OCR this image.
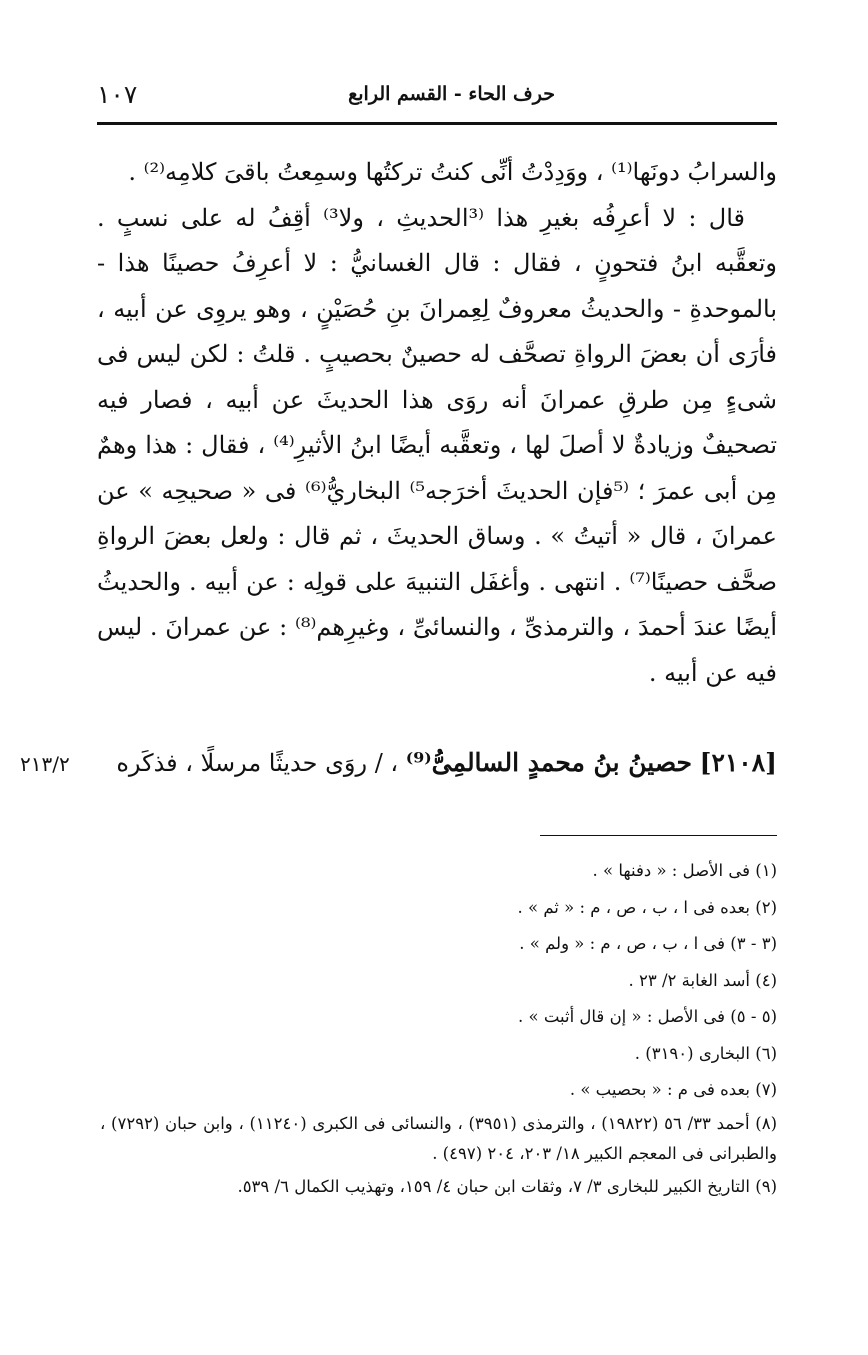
١٠٧	حرف الحاء - القسم الرابع

والسرابُ دونَها⁽¹⁾ ، ووَدِدْتُ أنِّى كنتُ تركتُها وسمِعتُ باقىَ كلامِه⁽²⁾ .

قال : لا أعرِفُه بغيرِ هذا ⁽³الحديثِ ، ولا³⁾ أقِفُ له على نسبٍ . وتعقَّبه ابنُ فتحونٍ ، فقال : قال الغسانيُّ : لا أعرِفُ حصينًا هذا - بالموحدةِ - والحديثُ معروفٌ لِعِمرانَ بنِ حُصَيْنٍ ، وهو يروِى عن أبيه ، فأرَى أن بعضَ الرواةِ تصحَّف له حصينٌ بحصيبٍ . قلتُ : لكن ليس فى شىءٍ مِن طرقِ عمرانَ أنه روَى هذا الحديثَ عن أبيه ، فصار فيه تصحيفٌ وزيادةٌ لا أصلَ لها ، وتعقَّبه أيضًا ابنُ الأثيرِ⁽⁴⁾ ، فقال : هذا وهمٌ مِن أبى عمرَ ؛ ⁽⁵فإن الحديثَ أخرَجه⁵⁾ البخاريُّ⁽⁶⁾ فى « صحيحِه » عن عمرانَ ، قال « أتيتُ » . وساق الحديثَ ، ثم قال : ولعل بعضَ الرواةِ صحَّف حصينًا⁽⁷⁾ . انتهى . وأغفَل التنبيهَ على قولِه : عن أبيه . والحديثُ أيضًا عندَ أحمدَ ، والترمذىِّ ، والنسائىِّ ، وغيرِهم⁽⁸⁾ : عن عمرانَ . ليس فيه عن أبيه .

[٢١٠٨] حصينُ بنُ محمدٍ السالمِىُّ⁽⁹⁾ ، / روَى حديثًا مرسلًا ، فذكَره
٢١٣/٢

(١) فى الأصل : « دفنها » .

(٢) بعده فى ا ، ب ، ص ، م : « ثم » .

(٣ - ٣) فى ا ، ب ، ص ، م : « ولم » .

(٤) أسد الغابة ٢/ ٢٣ .

(٥ - ٥) فى الأصل : « إن قال أثبت » .

(٦) البخارى (٣١٩٠) .

(٧) بعده فى م : « بحصيب » .

(٨) أحمد ٣٣/ ٥٦ (١٩٨٢٢) ، والترمذى (٣٩٥١) ، والنسائى فى الكبرى (١١٢٤٠) ، وابن حبان (٧٢٩٢) ، والطبرانى فى المعجم الكبير ١٨/ ٢٠٣، ٢٠٤ (٤٩٧) .

(٩) التاريخ الكبير للبخارى ٣/ ٧، وثقات ابن حبان ٤/ ١٥٩، وتهذيب الكمال ٦/ ٥٣٩.
